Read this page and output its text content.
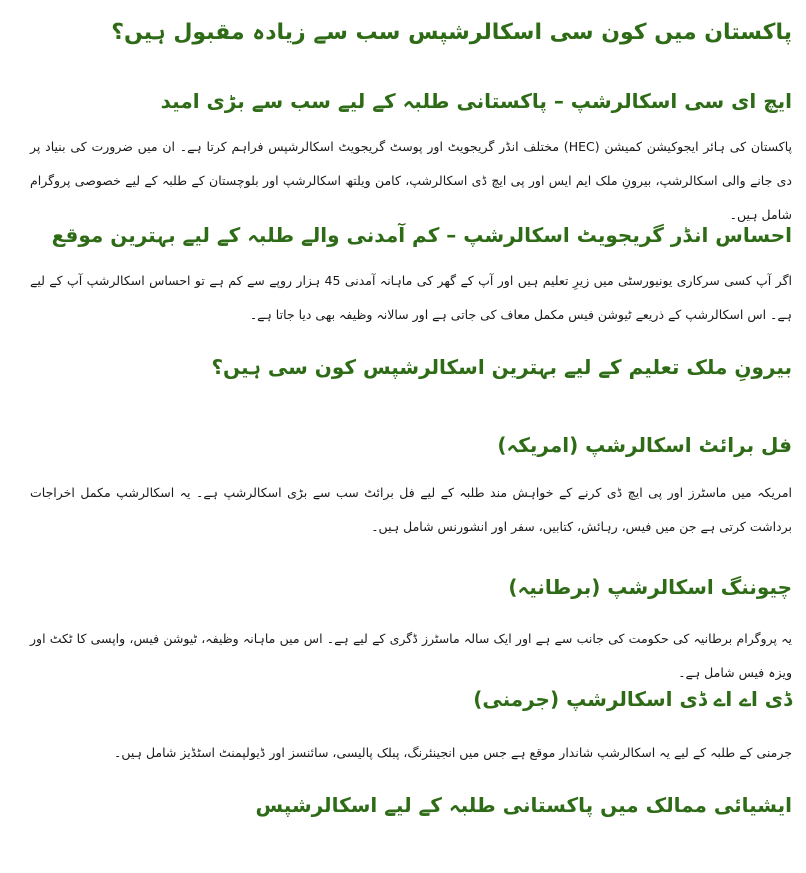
پاکستان میں کون سی اسکالرشپس سب سے زیادہ مقبول ہیں؟
ایچ ای سی اسکالرشپ – پاکستانی طلبہ کے لیے سب سے بڑی امید

پاکستان کی ہائر ایجوکیشن کمیشن (HEC) مختلف انڈر گریجویٹ اور پوسٹ گریجویٹ اسکالرشپس فراہم کرتا ہے۔ ان میں ضرورت کی بنیاد پر دی جانے والی اسکالرشپ، بیرونِ ملک ایم ایس اور پی ایچ ڈی اسکالرشپ، کامن ویلتھ اسکالرشپ اور بلوچستان کے طلبہ کے لیے خصوصی پروگرام شامل ہیں۔

احساس انڈر گریجویٹ اسکالرشپ – کم آمدنی والے طلبہ کے لیے بہترین موقع

اگر آپ کسی سرکاری یونیورسٹی میں زیرِ تعلیم ہیں اور آپ کے گھر کی ماہانہ آمدنی 45 ہزار روپے سے کم ہے تو احساس اسکالرشپ آپ کے لیے ہے۔ اس اسکالرشپ کے ذریعے ٹیوشن فیس مکمل معاف کی جاتی ہے اور سالانہ وظیفہ بھی دیا جاتا ہے۔

بیرونِ ملک تعلیم کے لیے بہترین اسکالرشپس کون سی ہیں؟
فل برائٹ اسکالرشپ (امریکہ)

امریکہ میں ماسٹرز اور پی ایچ ڈی کرنے کے خواہش مند طلبہ کے لیے فل برائٹ سب سے بڑی اسکالرشپ ہے۔ یہ اسکالرشپ مکمل اخراجات برداشت کرتی ہے جن میں فیس، رہائش، کتابیں، سفر اور انشورنس شامل ہیں۔

چیوننگ اسکالرشپ (برطانیہ)

یہ پروگرام برطانیہ کی حکومت کی جانب سے ہے اور ایک سالہ ماسٹرز ڈگری کے لیے ہے۔ اس میں ماہانہ وظیفہ، ٹیوشن فیس، واپسی کا ٹکٹ اور ویزہ فیس شامل ہے۔

ڈی اے اے ڈی اسکالرشپ (جرمنی)

جرمنی کے طلبہ کے لیے یہ اسکالرشپ شاندار موقع ہے جس میں انجینئرنگ، پبلک پالیسی، سائنسز اور ڈیولپمنٹ اسٹڈیز شامل ہیں۔

ایشیائی ممالک میں پاکستانی طلبہ کے لیے اسکالرشپس
